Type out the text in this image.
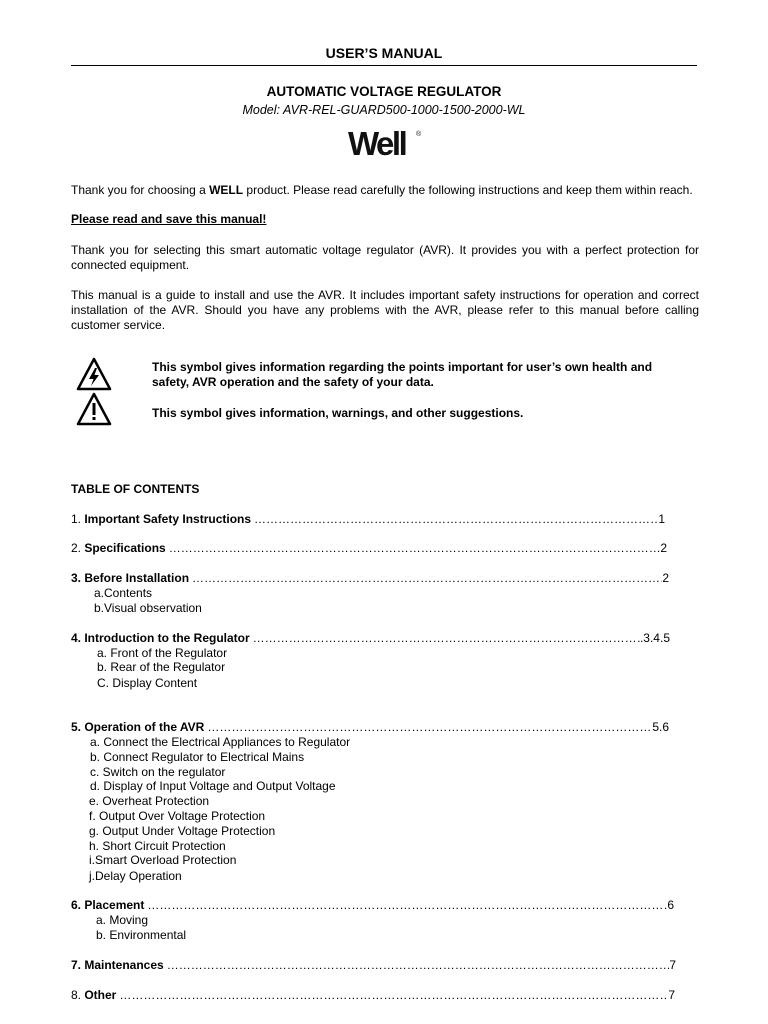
USER’S MANUAL
AUTOMATIC VOLTAGE REGULATOR
Model: AVR-REL-GUARD500-1000-1500-2000-WL
Well ®
Thank you for choosing a WELL product. Please read carefully the following instructions and keep them within reach.
Please read and save this manual!
Thank you for selecting this smart automatic voltage regulator (AVR). It provides you with a perfect protection for connected equipment.
This manual is a guide to install and use the AVR. It includes important safety instructions for operation and correct installation of the AVR. Should you have any problems with the AVR, please refer to this manual before calling customer service.
This symbol gives information regarding the points important for user’s own health and safety, AVR operation and the safety of your data.
This symbol gives information, warnings, and other suggestions.
TABLE OF CONTENTS
1. Important Safety Instructions ……………………………………………………………………………………………………………………………………………………………………………………………	1
2. Specifications ……………………………………………………………………………………………………………………………………………………………………………………………	2
3. Before Installation ……………………………………………………………………………………………………………………………………………………………………………………………	2
a.Contents
b.Visual observation
4. Introduction to the Regulator ……………………………………………………………………………………………………………………………………………………………………………………………	.3.4.5
a. Front of the Regulator
b. Rear of the Regulator
C. Display Content
5. Operation of the AVR ……………………………………………………………………………………………………………………………………………………………………………………………	5.6
a. Connect the Electrical Appliances to Regulator
b. Connect Regulator to Electrical Mains
c. Switch on the regulator
d. Display of Input Voltage and Output Voltage
e. Overheat Protection
f. Output Over Voltage Protection
g. Output Under Voltage Protection
h. Short Circuit Protection
i.Smart Overload Protection
j.Delay Operation
6. Placement ……………………………………………………………………………………………………………………………………………………………………………………………	6
a. Moving
b. Environmental
7. Maintenances ……………………………………………………………………………………………………………………………………………………………………………………………	7
8. Other ……………………………………………………………………………………………………………………………………………………………………………………………	7
